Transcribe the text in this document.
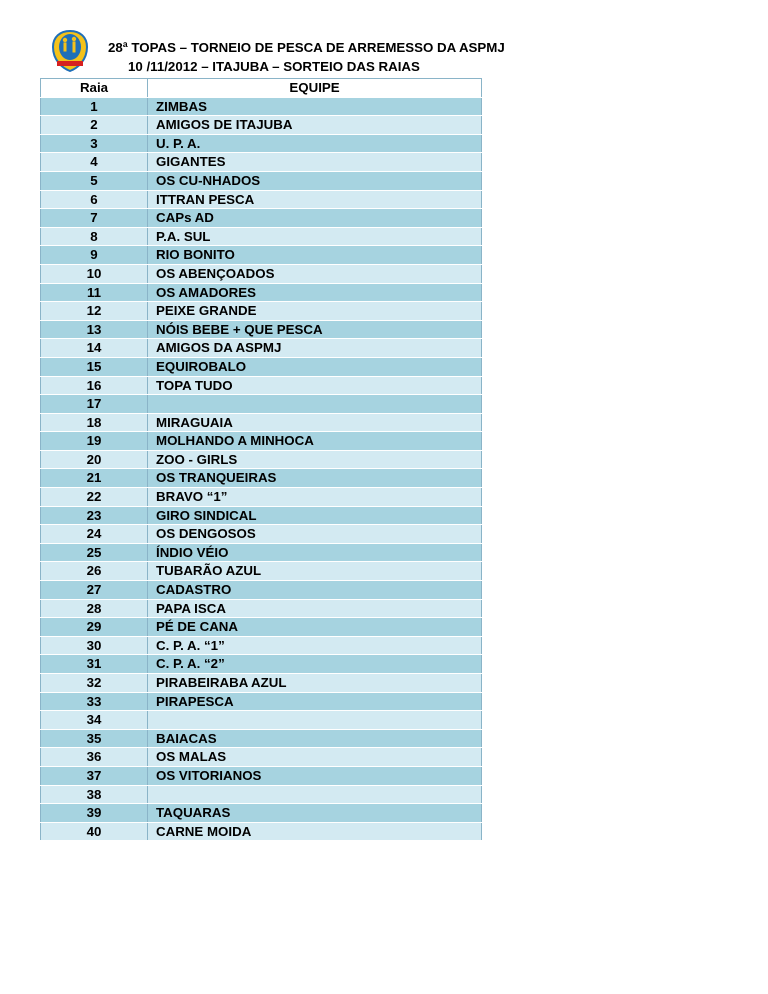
28ª TOPAS – TORNEIO DE PESCA DE ARREMESSO DA ASPMJ
10 /11/2012 – ITAJUBA – SORTEIO DAS RAIAS
Raia	EQUIPE
1	ZIMBAS
2	AMIGOS DE ITAJUBA
3	U. P. A.
4	GIGANTES
5	OS CU-NHADOS
6	ITTRAN PESCA
7	CAPs AD
8	P.A. SUL
9	RIO BONITO
10	OS ABENÇOADOS
11	OS AMADORES
12	PEIXE GRANDE
13	NÓIS BEBE + QUE PESCA
14	AMIGOS DA ASPMJ
15	EQUIROBALO
16	TOPA TUDO
17	
18	MIRAGUAIA
19	MOLHANDO A MINHOCA
20	ZOO - GIRLS
21	OS TRANQUEIRAS
22	BRAVO “1”
23	GIRO SINDICAL
24	OS DENGOSOS
25	ÍNDIO VÉIO
26	TUBARÃO AZUL
27	CADASTRO
28	PAPA ISCA
29	PÉ DE CANA
30	C. P. A. “1”
31	C. P. A. “2”
32	PIRABEIRABA AZUL
33	PIRAPESCA
34	
35	BAIACAS
36	OS MALAS
37	OS VITORIANOS
38	
39	TAQUARAS
40	CARNE MOIDA
